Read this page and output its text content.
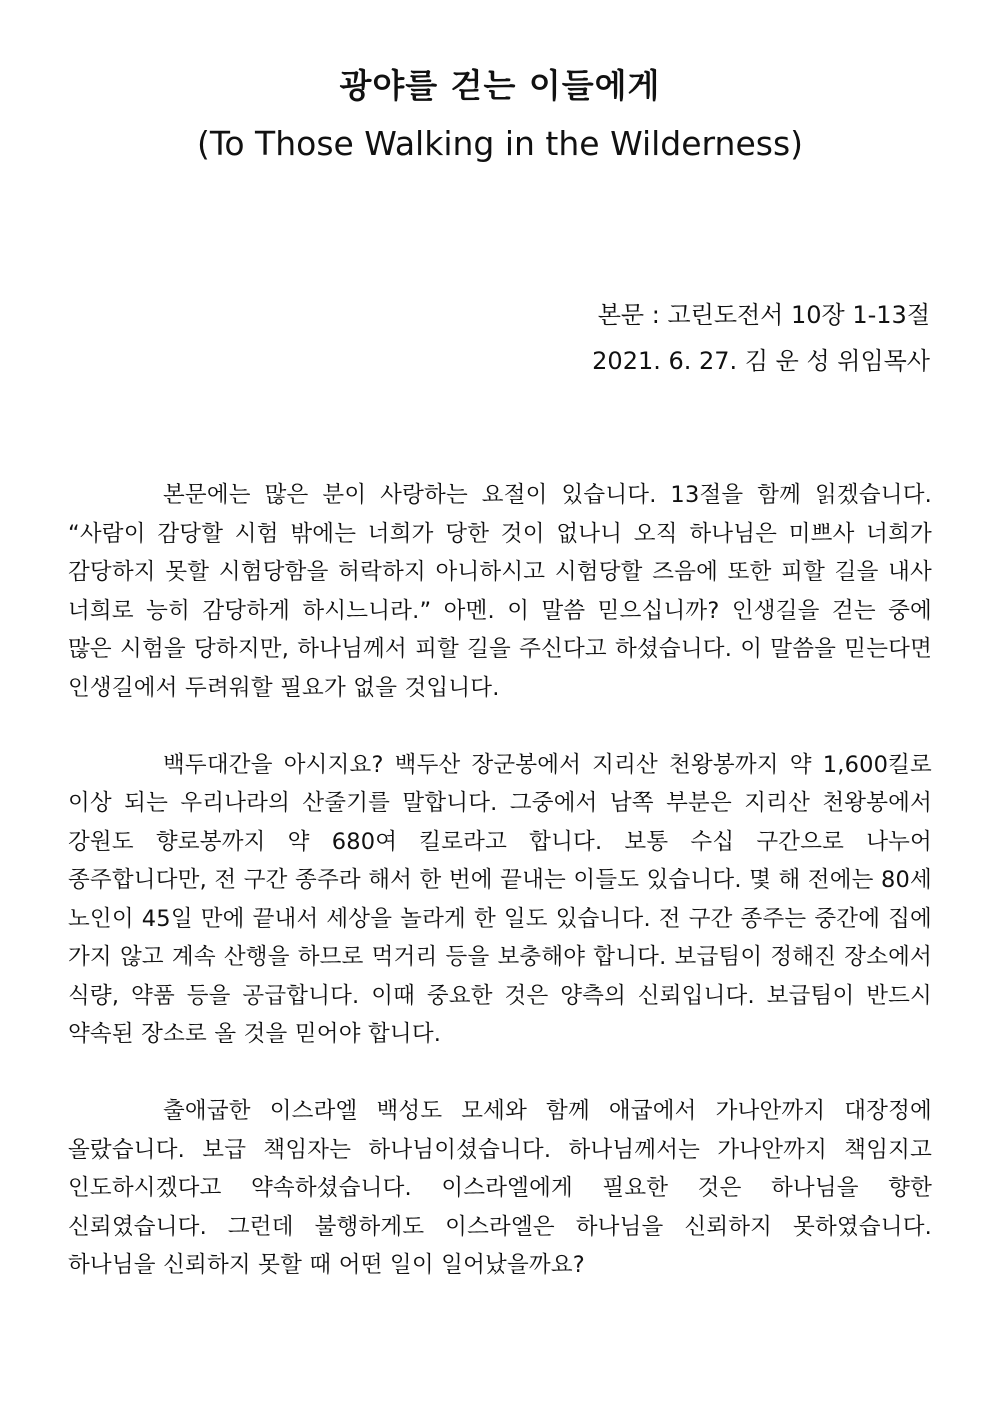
광야를 걷는 이들에게
(To Those Walking in the Wilderness)
본문 : 고린도전서 10장 1-13절
2021. 6. 27. 김 운 성 위임목사

본문에는 많은 분이 사랑하는 요절이 있습니다. 13절을 함께 읽겠습니다. “사람이 감당할 시험 밖에는 너희가 당한 것이 없나니 오직 하나님은 미쁘사 너희가 감당하지 못할 시험당함을 허락하지 아니하시고 시험당할 즈음에 또한 피할 길을 내사 너희로 능히 감당하게 하시느니라.” 아멘. 이 말씀 믿으십니까? 인생길을 걷는 중에 많은 시험을 당하지만, 하나님께서 피할 길을 주신다고 하셨습니다. 이 말씀을 믿는다면 인생길에서 두려워할 필요가 없을 것입니다.

백두대간을 아시지요? 백두산 장군봉에서 지리산 천왕봉까지 약 1,600킬로 이상 되는 우리나라의 산줄기를 말합니다. 그중에서 남쪽 부분은 지리산 천왕봉에서 강원도 향로봉까지 약 680여 킬로라고 합니다. 보통 수십 구간으로 나누어 종주합니다만, 전 구간 종주라 해서 한 번에 끝내는 이들도 있습니다. 몇 해 전에는 80세 노인이 45일 만에 끝내서 세상을 놀라게 한 일도 있습니다. 전 구간 종주는 중간에 집에 가지 않고 계속 산행을 하므로 먹거리 등을 보충해야 합니다. 보급팀이 정해진 장소에서 식량, 약품 등을 공급합니다. 이때 중요한 것은 양측의 신뢰입니다. 보급팀이 반드시 약속된 장소로 올 것을 믿어야 합니다.

출애굽한 이스라엘 백성도 모세와 함께 애굽에서 가나안까지 대장정에 올랐습니다. 보급 책임자는 하나님이셨습니다. 하나님께서는 가나안까지 책임지고 인도하시겠다고 약속하셨습니다. 이스라엘에게 필요한 것은 하나님을 향한 신뢰였습니다. 그런데 불행하게도 이스라엘은 하나님을 신뢰하지 못하였습니다. 하나님을 신뢰하지 못할 때 어떤 일이 일어났을까요?
